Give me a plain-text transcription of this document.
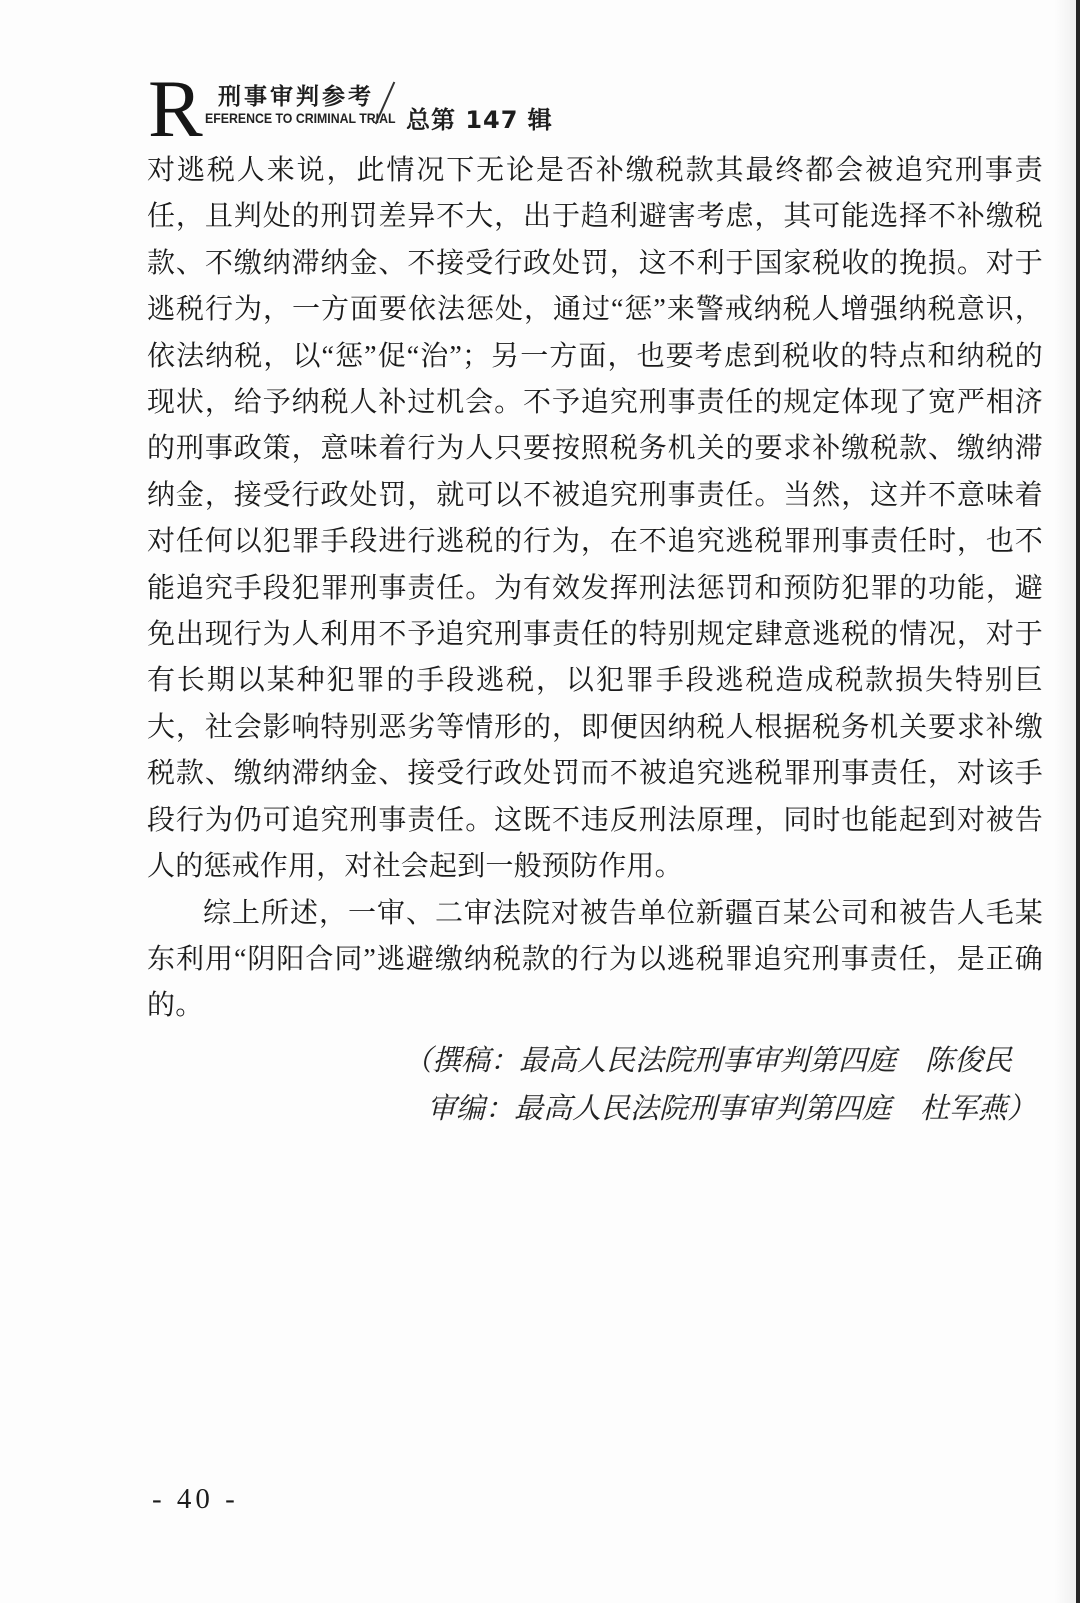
R 刑事审判参考
EFERENCE TO CRIMINAL TRIAL 总第 147 辑

对逃税人来说，此情况下无论是否补缴税款其最终都会被追究刑事责任，且判处的刑罚差异不大，出于趋利避害考虑，其可能选择不补缴税款、不缴纳滞纳金、不接受行政处罚，这不利于国家税收的挽损。对于逃税行为，一方面要依法惩处，通过“惩”来警戒纳税人增强纳税意识，依法纳税，以“惩”促“治”；另一方面，也要考虑到税收的特点和纳税的现状，给予纳税人补过机会。不予追究刑事责任的规定体现了宽严相济的刑事政策，意味着行为人只要按照税务机关的要求补缴税款、缴纳滞纳金，接受行政处罚，就可以不被追究刑事责任。当然，这并不意味着对任何以犯罪手段进行逃税的行为，在不追究逃税罪刑事责任时，也不能追究手段犯罪刑事责任。为有效发挥刑法惩罚和预防犯罪的功能，避免出现行为人利用不予追究刑事责任的特别规定肆意逃税的情况，对于有长期以某种犯罪的手段逃税，以犯罪手段逃税造成税款损失特别巨大，社会影响特别恶劣等情形的，即便因纳税人根据税务机关要求补缴税款、缴纳滞纳金、接受行政处罚而不被追究逃税罪刑事责任，对该手段行为仍可追究刑事责任。这既不违反刑法原理，同时也能起到对被告人的惩戒作用，对社会起到一般预防作用。

综上所述，一审、二审法院对被告单位新疆百某公司和被告人毛某东利用“阴阳合同”逃避缴纳税款的行为以逃税罪追究刑事责任，是正确的。

（撰稿：最高人民法院刑事审判第四庭　陈俊民
审编：最高人民法院刑事审判第四庭　杜军燕）
- 40 -
